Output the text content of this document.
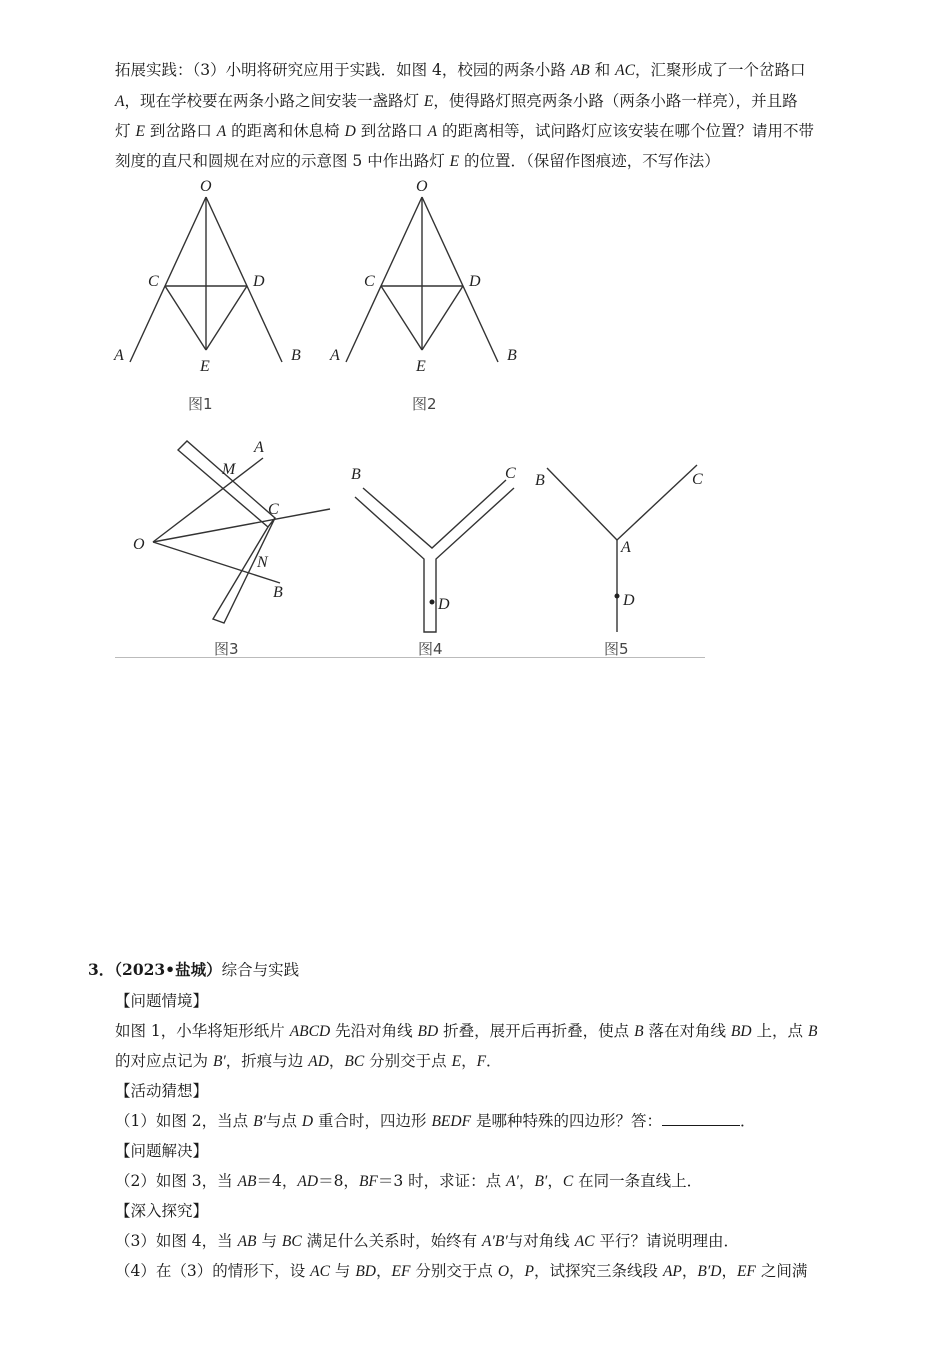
拓展实践：（3）小明将研究应用于实践．如图 4，校园的两条小路 AB 和 AC，汇聚形成了一个岔路口
A，现在学校要在两条小路之间安装一盏路灯 E，使得路灯照亮两条小路（两条小路一样亮），并且路
灯 E 到岔路口 A 的距离和休息椅 D 到岔路口 A 的距离相等，试问路灯应该安装在哪个位置？请用不带
刻度的直尺和圆规在对应的示意图 5 中作出路灯 E 的位置．（保留作图痕迹，不写作法）
O
C	D
A	B
E
图1
O
C	D
A	B
E
图2
A
M
C
O
N
B
图3
B	C
D
图4
B	C
A
D
图5
3．（2023•盐城）综合与实践
【问题情境】
如图 1，小华将矩形纸片 ABCD 先沿对角线 BD 折叠，展开后再折叠，使点 B 落在对角线 BD 上，点 B
的对应点记为 B′，折痕与边 AD，BC 分别交于点 E，F．
【活动猜想】
（1）如图 2，当点 B′与点 D 重合时，四边形 BEDF 是哪种特殊的四边形？答：	．
【问题解决】
（2）如图 3，当 AB＝4，AD＝8，BF＝3 时，求证：点 A′，B′，C 在同一条直线上．
【深入探究】
（3）如图 4，当 AB 与 BC 满足什么关系时，始终有 A′B′与对角线 AC 平行？请说明理由．
（4）在（3）的情形下，设 AC 与 BD，EF 分别交于点 O，P，试探究三条线段 AP，B′D，EF 之间满
